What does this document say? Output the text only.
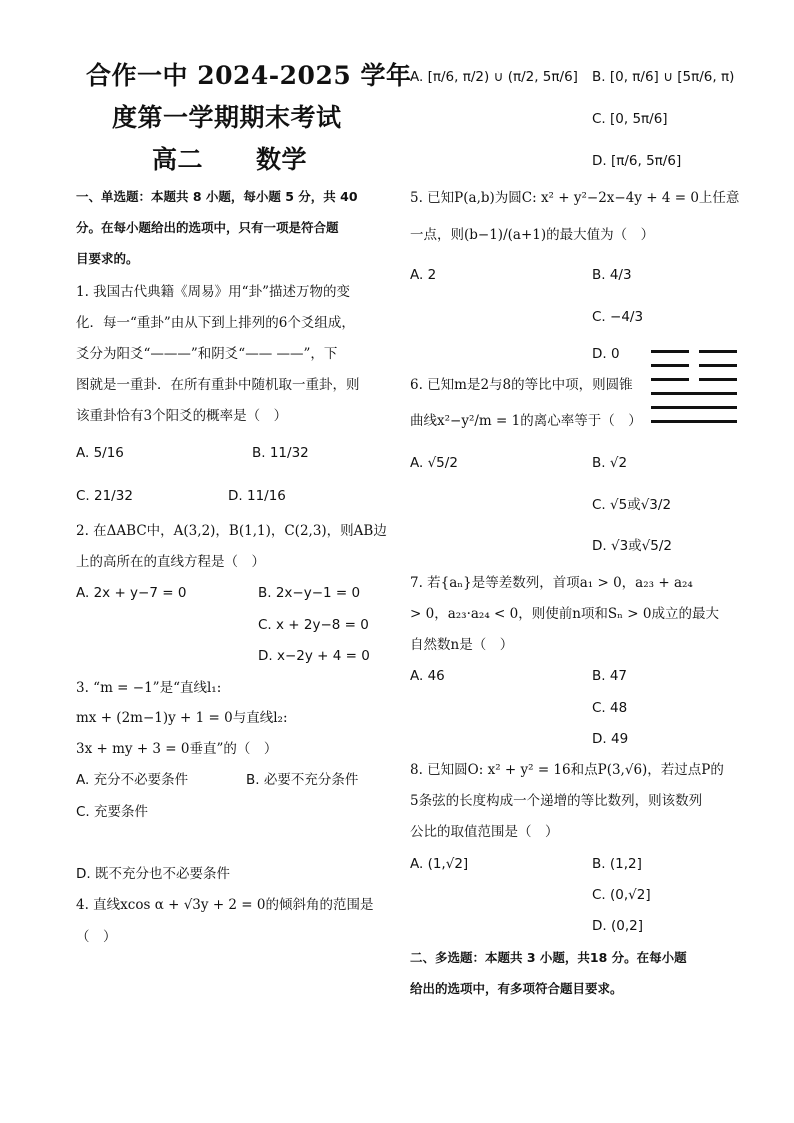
合作一中 2024-2025 学年
度第一学期期末考试
高二 数学
一、单选题：本题共 8 小题，每小题 5 分，共 40
分。在每小题给出的选项中，只有一项是符合题
目要求的。
1. 我国古代典籍《周易》用“卦”描述万物的变
化．每一“重卦”由从下到上排列的6个爻组成，
爻分为阳爻“———”和阴爻“—— ——”，下
图就是一重卦．在所有重卦中随机取一重卦，则
该重卦恰有3个阳爻的概率是（　）
A. 5/16	B. 11/32
C. 21/32	D. 11/16
2. 在ΔABC中，A(3,2)，B(1,1)，C(2,3)，则AB边
上的高所在的直线方程是（　）
A. 2x + y−7 = 0	B. 2x−y−1 = 0
C. x + 2y−8 = 0
D. x−2y + 4 = 0
3. “m = −1”是“直线l₁:
mx + (2m−1)y + 1 = 0与直线l₂:
3x + my + 3 = 0垂直”的（　）
A. 充分不必要条件	B. 必要不充分条件
C. 充要条件
D. 既不充分也不必要条件
4. 直线xcos α + √3y + 2 = 0的倾斜角的范围是
（　）
A. [π/6, π/2) ∪ (π/2, 5π/6] B. [0, π/6] ∪ [5π/6, π)
C. [0, 5π/6]
D. [π/6, 5π/6]
5. 已知P(a,b)为圆C: x² + y²−2x−4y + 4 = 0上任意
一点，则(b−1)/(a+1)的最大值为（　）
A. 2	B. 4/3
C. −4/3
D. 0
6. 已知m是2与8的等比中项，则圆锥
曲线x²−y²/m = 1的离心率等于（　）
A. √5/2	B. √2
C. √5或√3/2
D. √3或√5/2
7. 若{aₙ}是等差数列，首项a₁ > 0，a₂₃ + a₂₄
> 0，a₂₃·a₂₄ < 0，则使前n项和Sₙ > 0成立的最大
自然数n是（　）
A. 46	B. 47
C. 48
D. 49
8. 已知圆O: x² + y² = 16和点P(3,√6)，若过点P的
5条弦的长度构成一个递增的等比数列，则该数列
公比的取值范围是（　）
A. (1,√2]	B. (1,2]
C. (0,√2]
D. (0,2]
二、多选题：本题共 3 小题，共18 分。在每小题
给出的选项中，有多项符合题目要求。
